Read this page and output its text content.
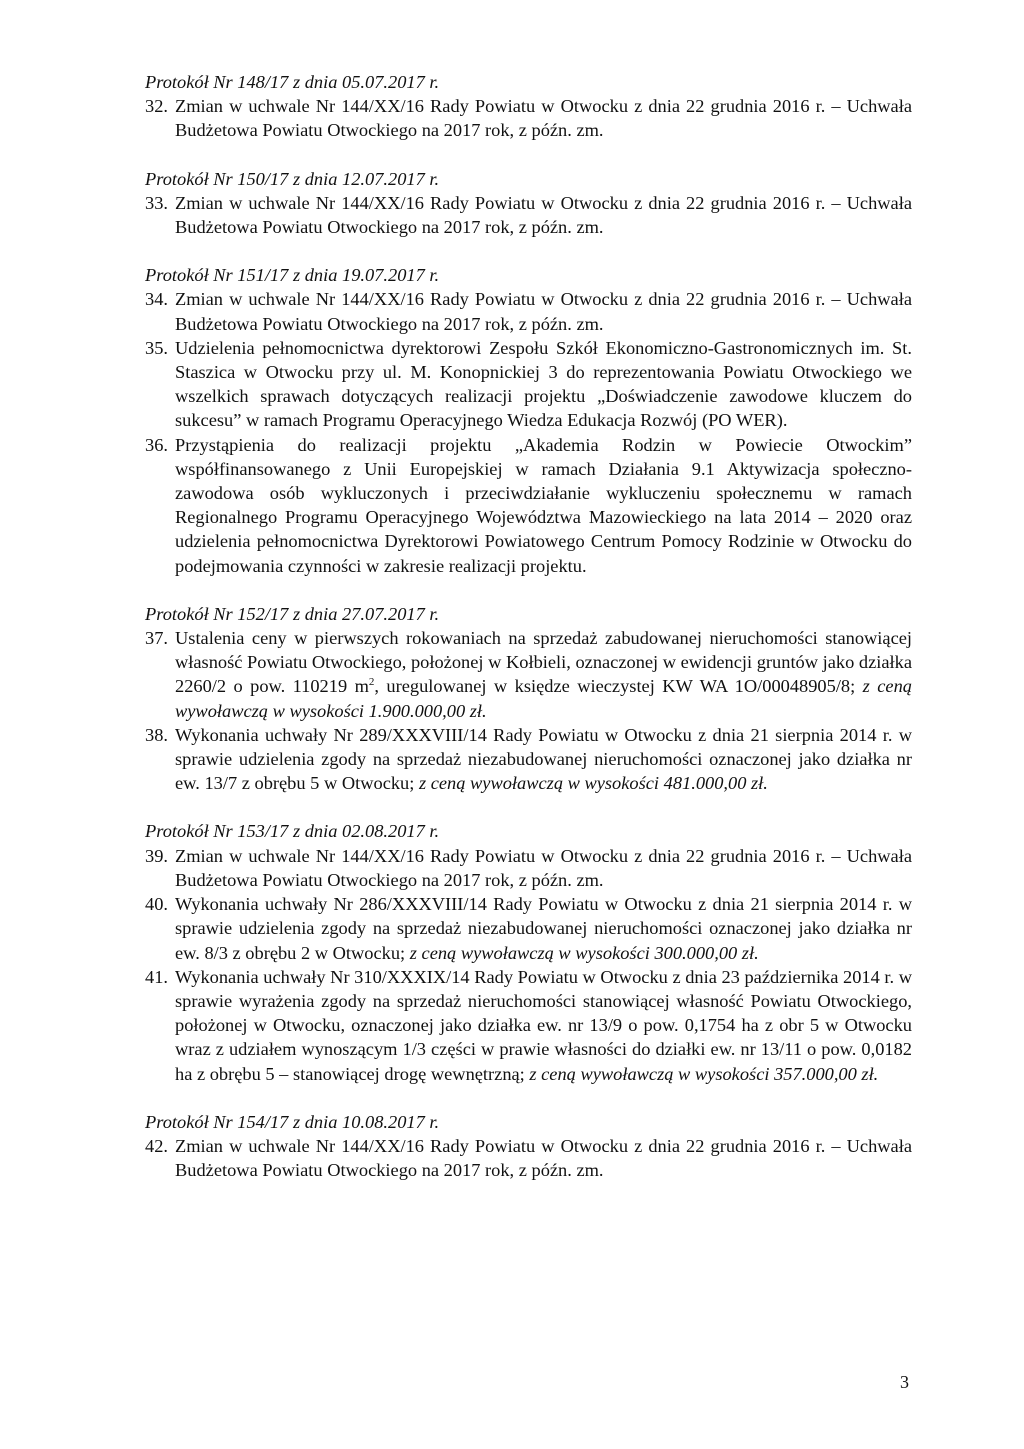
Protokół Nr 148/17 z dnia 05.07.2017 r.
32. Zmian w uchwale Nr 144/XX/16 Rady Powiatu w Otwocku z dnia 22 grudnia 2016 r. – Uchwała Budżetowa Powiatu Otwockiego na 2017 rok, z późn. zm.
Protokół Nr 150/17 z dnia 12.07.2017 r.
33. Zmian w uchwale Nr 144/XX/16 Rady Powiatu w Otwocku z dnia 22 grudnia 2016 r. – Uchwała Budżetowa Powiatu Otwockiego na 2017 rok, z późn. zm.
Protokół Nr 151/17 z dnia 19.07.2017 r.
34. Zmian w uchwale Nr 144/XX/16 Rady Powiatu w Otwocku z dnia 22 grudnia 2016 r. – Uchwała Budżetowa Powiatu Otwockiego na 2017 rok, z późn. zm.
35. Udzielenia pełnomocnictwa dyrektorowi Zespołu Szkół Ekonomiczno-Gastronomicznych im. St. Staszica w Otwocku przy ul. M. Konopnickiej 3 do reprezentowania Powiatu Otwockiego we wszelkich sprawach dotyczących realizacji projektu „Doświadczenie zawodowe kluczem do sukcesu” w ramach Programu Operacyjnego Wiedza Edukacja Rozwój (PO WER).
36. Przystąpienia do realizacji projektu „Akademia Rodzin w Powiecie Otwockim” współfinansowanego z Unii Europejskiej w ramach Działania 9.1 Aktywizacja społeczno-zawodowa osób wykluczonych i przeciwdziałanie wykluczeniu społecznemu w ramach Regionalnego Programu Operacyjnego Województwa Mazowieckiego na lata 2014 – 2020 oraz udzielenia pełnomocnictwa Dyrektorowi Powiatowego Centrum Pomocy Rodzinie w Otwocku do podejmowania czynności w zakresie realizacji projektu.
Protokół Nr 152/17 z dnia 27.07.2017 r.
37. Ustalenia ceny w pierwszych rokowaniach na sprzedaż zabudowanej nieruchomości stanowiącej własność Powiatu Otwockiego, położonej w Kołbieli, oznaczonej w ewidencji gruntów jako działka 2260/2 o pow. 110219 $m^2$, uregulowanej w księdze wieczystej KW WA 1O/00048905/8; z ceną wywoławczą w wysokości 1.900.000,00 zł.
38. Wykonania uchwały Nr 289/XXXVIII/14 Rady Powiatu w Otwocku z dnia 21 sierpnia 2014 r. w sprawie udzielenia zgody na sprzedaż niezabudowanej nieruchomości oznaczonej jako działka nr ew. 13/7 z obrębu 5 w Otwocku; z ceną wywoławczą w wysokości 481.000,00 zł.
Protokół Nr 153/17 z dnia 02.08.2017 r.
39. Zmian w uchwale Nr 144/XX/16 Rady Powiatu w Otwocku z dnia 22 grudnia 2016 r. – Uchwała Budżetowa Powiatu Otwockiego na 2017 rok, z późn. zm.
40. Wykonania uchwały Nr 286/XXXVIII/14 Rady Powiatu w Otwocku z dnia 21 sierpnia 2014 r. w sprawie udzielenia zgody na sprzedaż niezabudowanej nieruchomości oznaczonej jako działka nr ew. 8/3 z obrębu 2 w Otwocku; z ceną wywoławczą w wysokości 300.000,00 zł.
41. Wykonania uchwały Nr 310/XXXIX/14 Rady Powiatu w Otwocku z dnia 23 października 2014 r. w sprawie wyrażenia zgody na sprzedaż nieruchomości stanowiącej własność Powiatu Otwockiego, położonej w Otwocku, oznaczonej jako działka ew. nr 13/9 o pow. 0,1754 ha z obr 5 w Otwocku wraz z udziałem wynoszącym 1/3 części w prawie własności do działki ew. nr 13/11 o pow. 0,0182 ha z obrębu 5 – stanowiącej drogę wewnętrzną; z ceną wywoławczą w wysokości 357.000,00 zł.
Protokół Nr 154/17 z dnia 10.08.2017 r.
42. Zmian w uchwale Nr 144/XX/16 Rady Powiatu w Otwocku z dnia 22 grudnia 2016 r. – Uchwała Budżetowa Powiatu Otwockiego na 2017 rok, z późn. zm.
3
